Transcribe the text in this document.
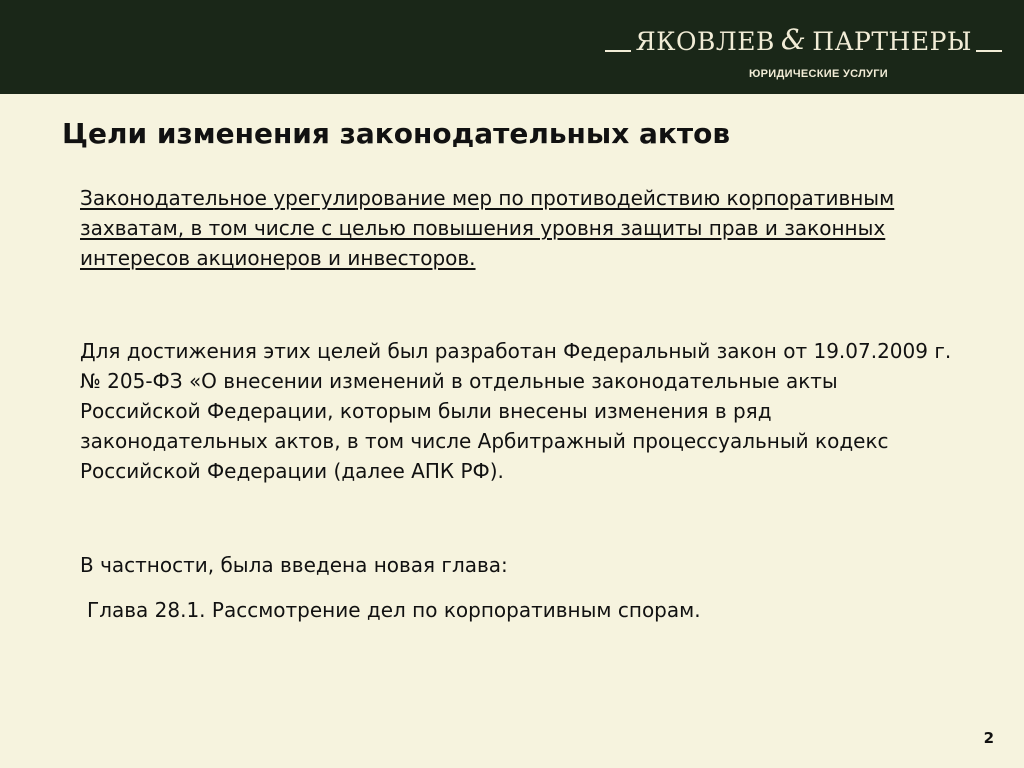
ЯКОВЛЕВ & ПАРТНЕРЫ
ЮРИДИЧЕСКИЕ УСЛУГИ
Цели изменения законодательных актов

Законодательное урегулирование мер по противодействию корпоративным захватам, в том числе с целью повышения уровня защиты прав и законных интересов акционеров и инвесторов.

Для достижения этих целей был разработан Федеральный закон от 19.07.2009 г. № 205-ФЗ «О внесении изменений в отдельные законодательные акты Российской Федерации, которым были внесены изменения в ряд законодательных актов, в том числе Арбитражный процессуальный кодекс Российской Федерации (далее АПК РФ).

В частности, была введена новая глава:

Глава 28.1. Рассмотрение дел по корпоративным спорам.

2
